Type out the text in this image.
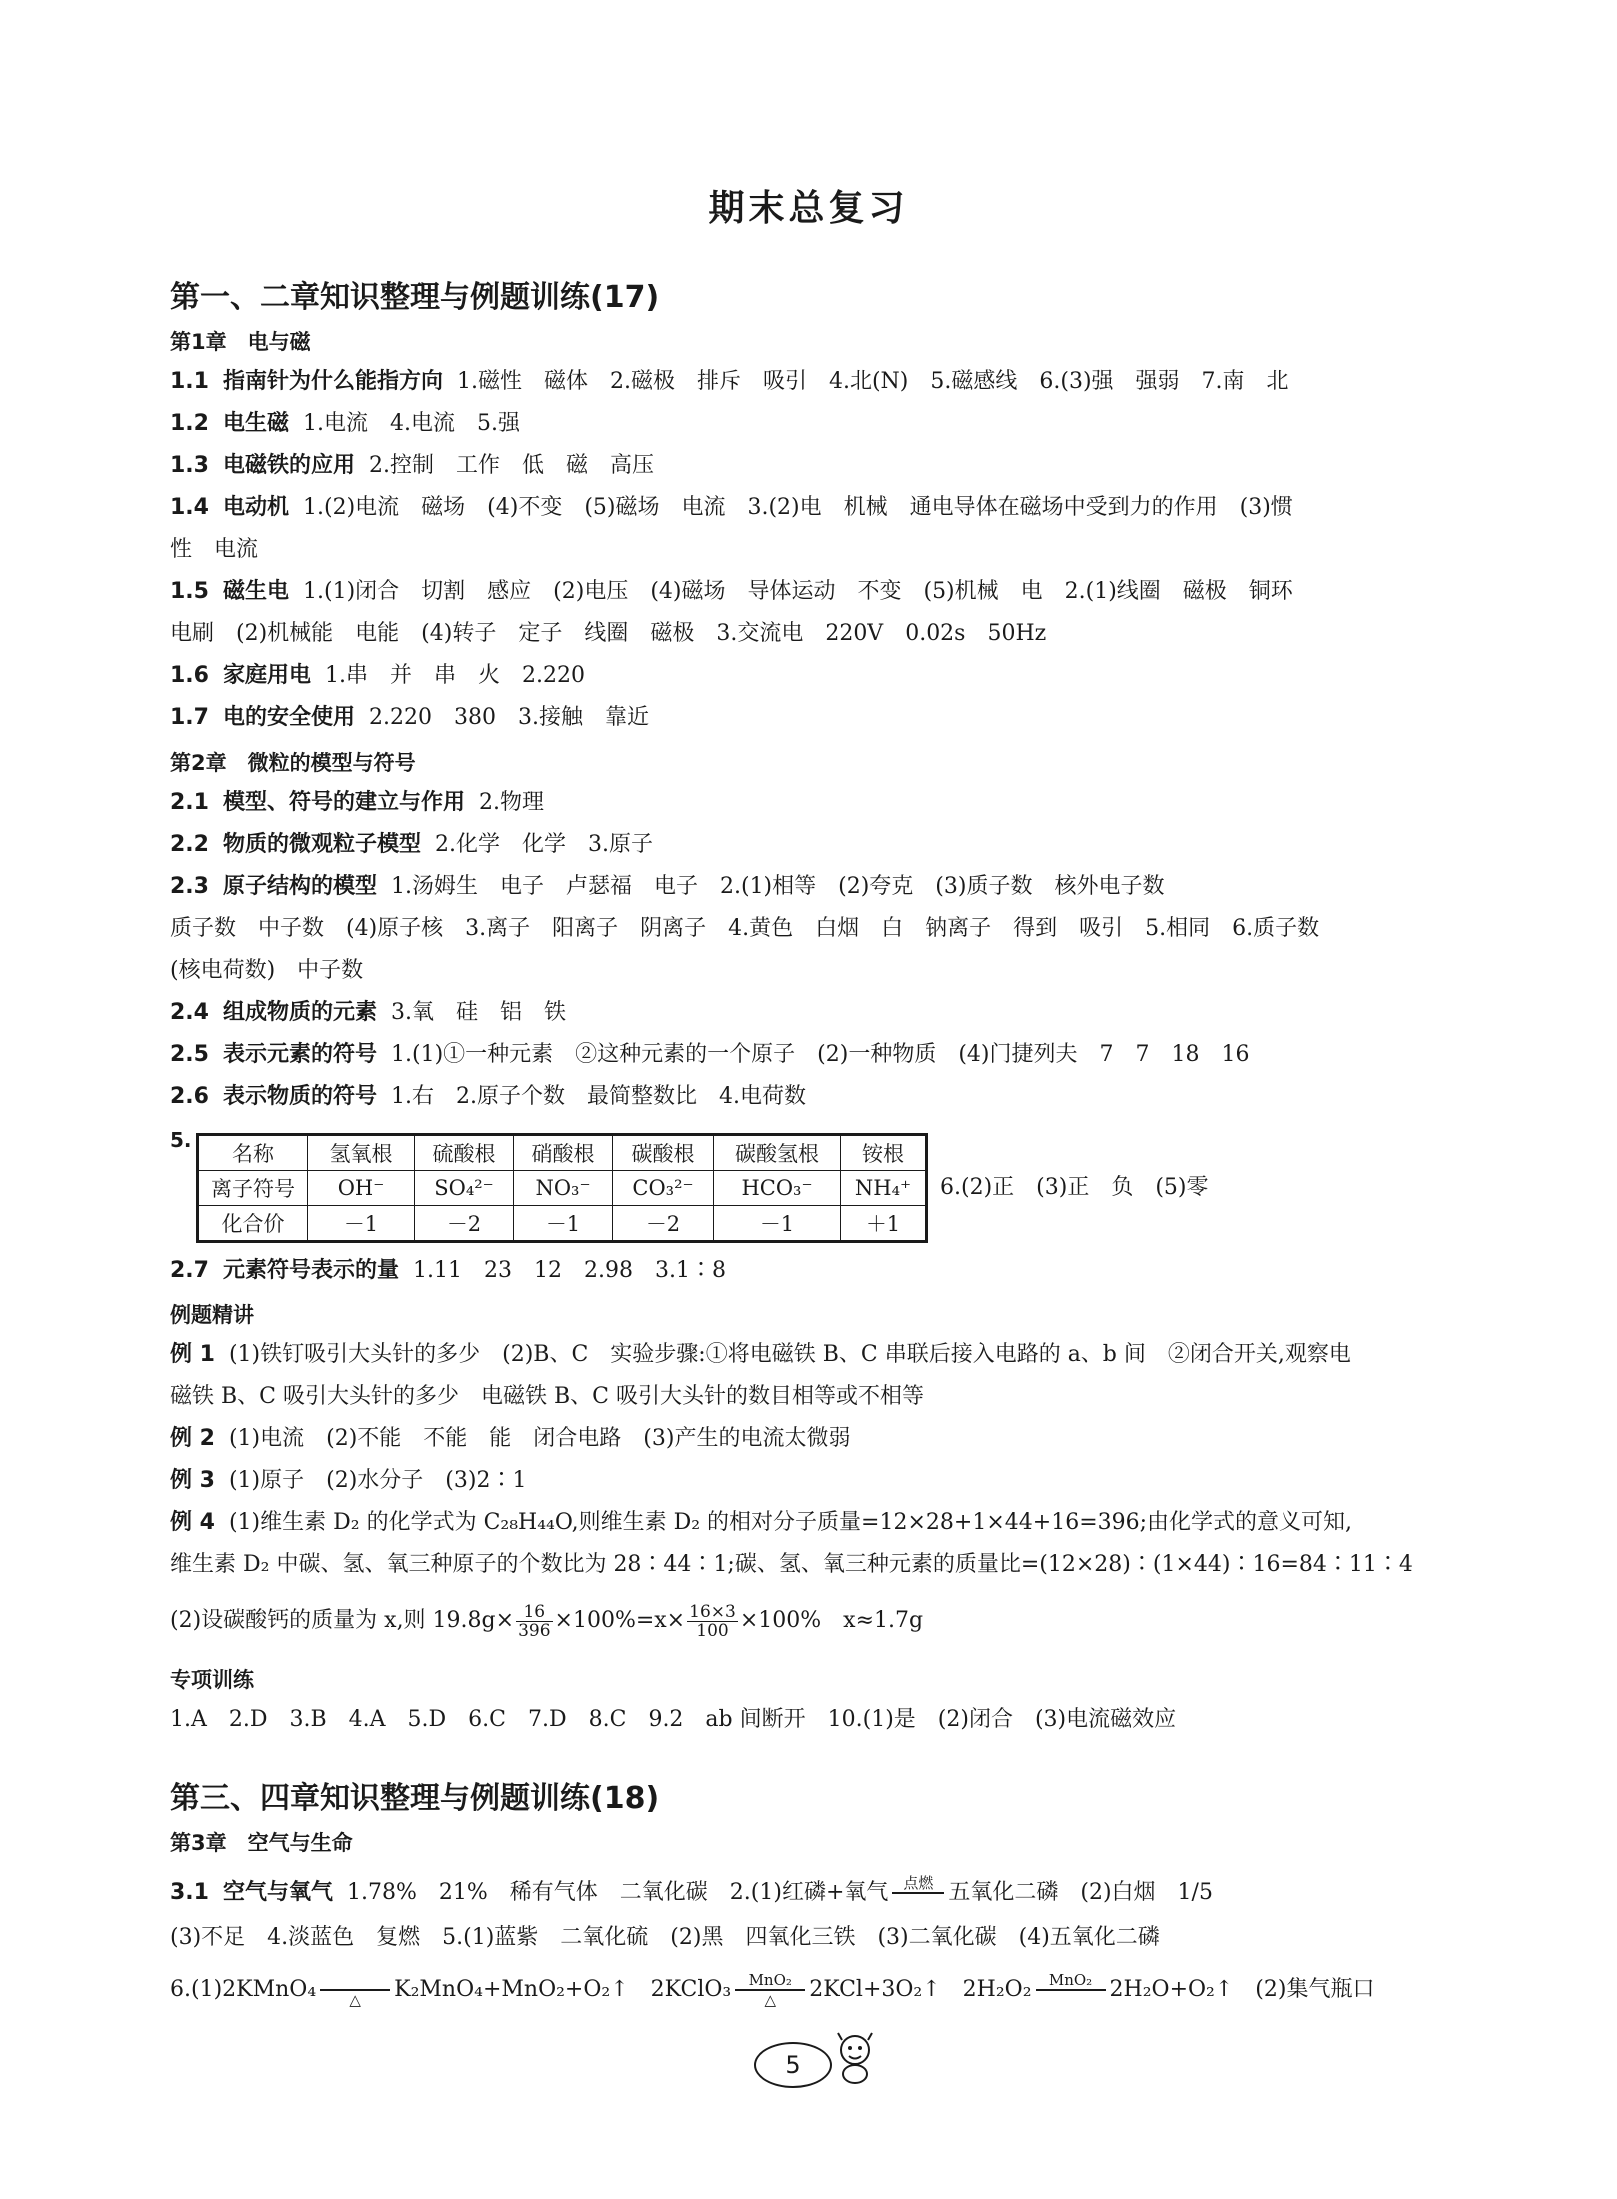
期末总复习
第一、二章知识整理与例题训练(17)
第1章　电与磁
1.1 指南针为什么能指方向 1.磁性　磁体　2.磁极　排斥　吸引　4.北(N)　5.磁感线　6.(3)强　强弱　7.南　北
1.2 电生磁 1.电流　4.电流　5.强
1.3 电磁铁的应用 2.控制　工作　低　磁　高压
1.4 电动机 1.(2)电流　磁场　(4)不变　(5)磁场　电流　3.(2)电　机械　通电导体在磁场中受到力的作用　(3)惯
性　电流
1.5 磁生电 1.(1)闭合　切割　感应　(2)电压　(4)磁场　导体运动　不变　(5)机械　电　2.(1)线圈　磁极　铜环
电刷　(2)机械能　电能　(4)转子　定子　线圈　磁极　3.交流电　220V　0.02s　50Hz
1.6 家庭用电 1.串　并　串　火　2.220
1.7 电的安全使用 2.220　380　3.接触　靠近
第2章　微粒的模型与符号
2.1 模型、符号的建立与作用 2.物理
2.2 物质的微观粒子模型 2.化学　化学　3.原子
2.3 原子结构的模型 1.汤姆生　电子　卢瑟福　电子　2.(1)相等　(2)夸克　(3)质子数　核外电子数
质子数　中子数　(4)原子核　3.离子　阳离子　阴离子　4.黄色　白烟　白　钠离子　得到　吸引　5.相同　6.质子数
(核电荷数)　中子数
2.4 组成物质的元素 3.氧　硅　铝　铁
2.5 表示元素的符号 1.(1)①一种元素　②这种元素的一个原子　(2)一种物质　(4)门捷列夫　7　7　18　16
2.6 表示物质的符号 1.右　2.原子个数　最简整数比　4.电荷数
5.
名称	氢氧根	硫酸根	硝酸根	碳酸根	碳酸氢根	铵根
离子符号	OH⁻	SO₄²⁻	NO₃⁻	CO₃²⁻	HCO₃⁻	NH₄⁺
化合价	－1	－2	－1	－2	－1	＋1
6.(2)正　(3)正　负　(5)零
2.7 元素符号表示的量 1.11　23　12　2.98　3.1∶8
例题精讲
例 1 (1)铁钉吸引大头针的多少　(2)B、C　实验步骤:①将电磁铁 B、C 串联后接入电路的 a、b 间　②闭合开关,观察电
磁铁 B、C 吸引大头针的多少　电磁铁 B、C 吸引大头针的数目相等或不相等
例 2 (1)电流　(2)不能　不能　能　闭合电路　(3)产生的电流太微弱
例 3 (1)原子　(2)水分子　(3)2∶1
例 4 (1)维生素 D₂ 的化学式为 C₂₈H₄₄O,则维生素 D₂ 的相对分子质量=12×28+1×44+16=396;由化学式的意义可知,
维生素 D₂ 中碳、氢、氧三种原子的个数比为 28∶44∶1;碳、氢、氧三种元素的质量比=(12×28)∶(1×44)∶16=84∶11∶4
(2)设碳酸钙的质量为 x,则 $19.8g\times \frac{16}{396} \times 100\%=x\times \frac{16\times 3}{100} \times 100\%$　x≈1.7g
专项训练
1.A　2.D　3.B　4.A　5.D　6.C　7.D　8.C　9.2　ab 间断开　10.(1)是　(2)闭合　(3)电流磁效应
第三、四章知识整理与例题训练(18)
第3章　空气与生命
3.1 空气与氧气 1.78%　21%　稀有气体　二氧化碳　2.(1)红磷+氧气 点燃 五氧化二磷　(2)白烟　1/5
(3)不足　4.淡蓝色　复燃　5.(1)蓝紫　二氧化硫　(2)黑　四氧化三铁　(3)二氧化碳　(4)五氧化二磷
6.(1)2KMnO₄
	△	K₂MnO₄+MnO₂+O₂↑　2KClO₃	MnO₂
△	2KCl+3O₂↑　2H₂O₂	MnO₂ 2H₂O+O₂↑　(2)集气瓶口
5
